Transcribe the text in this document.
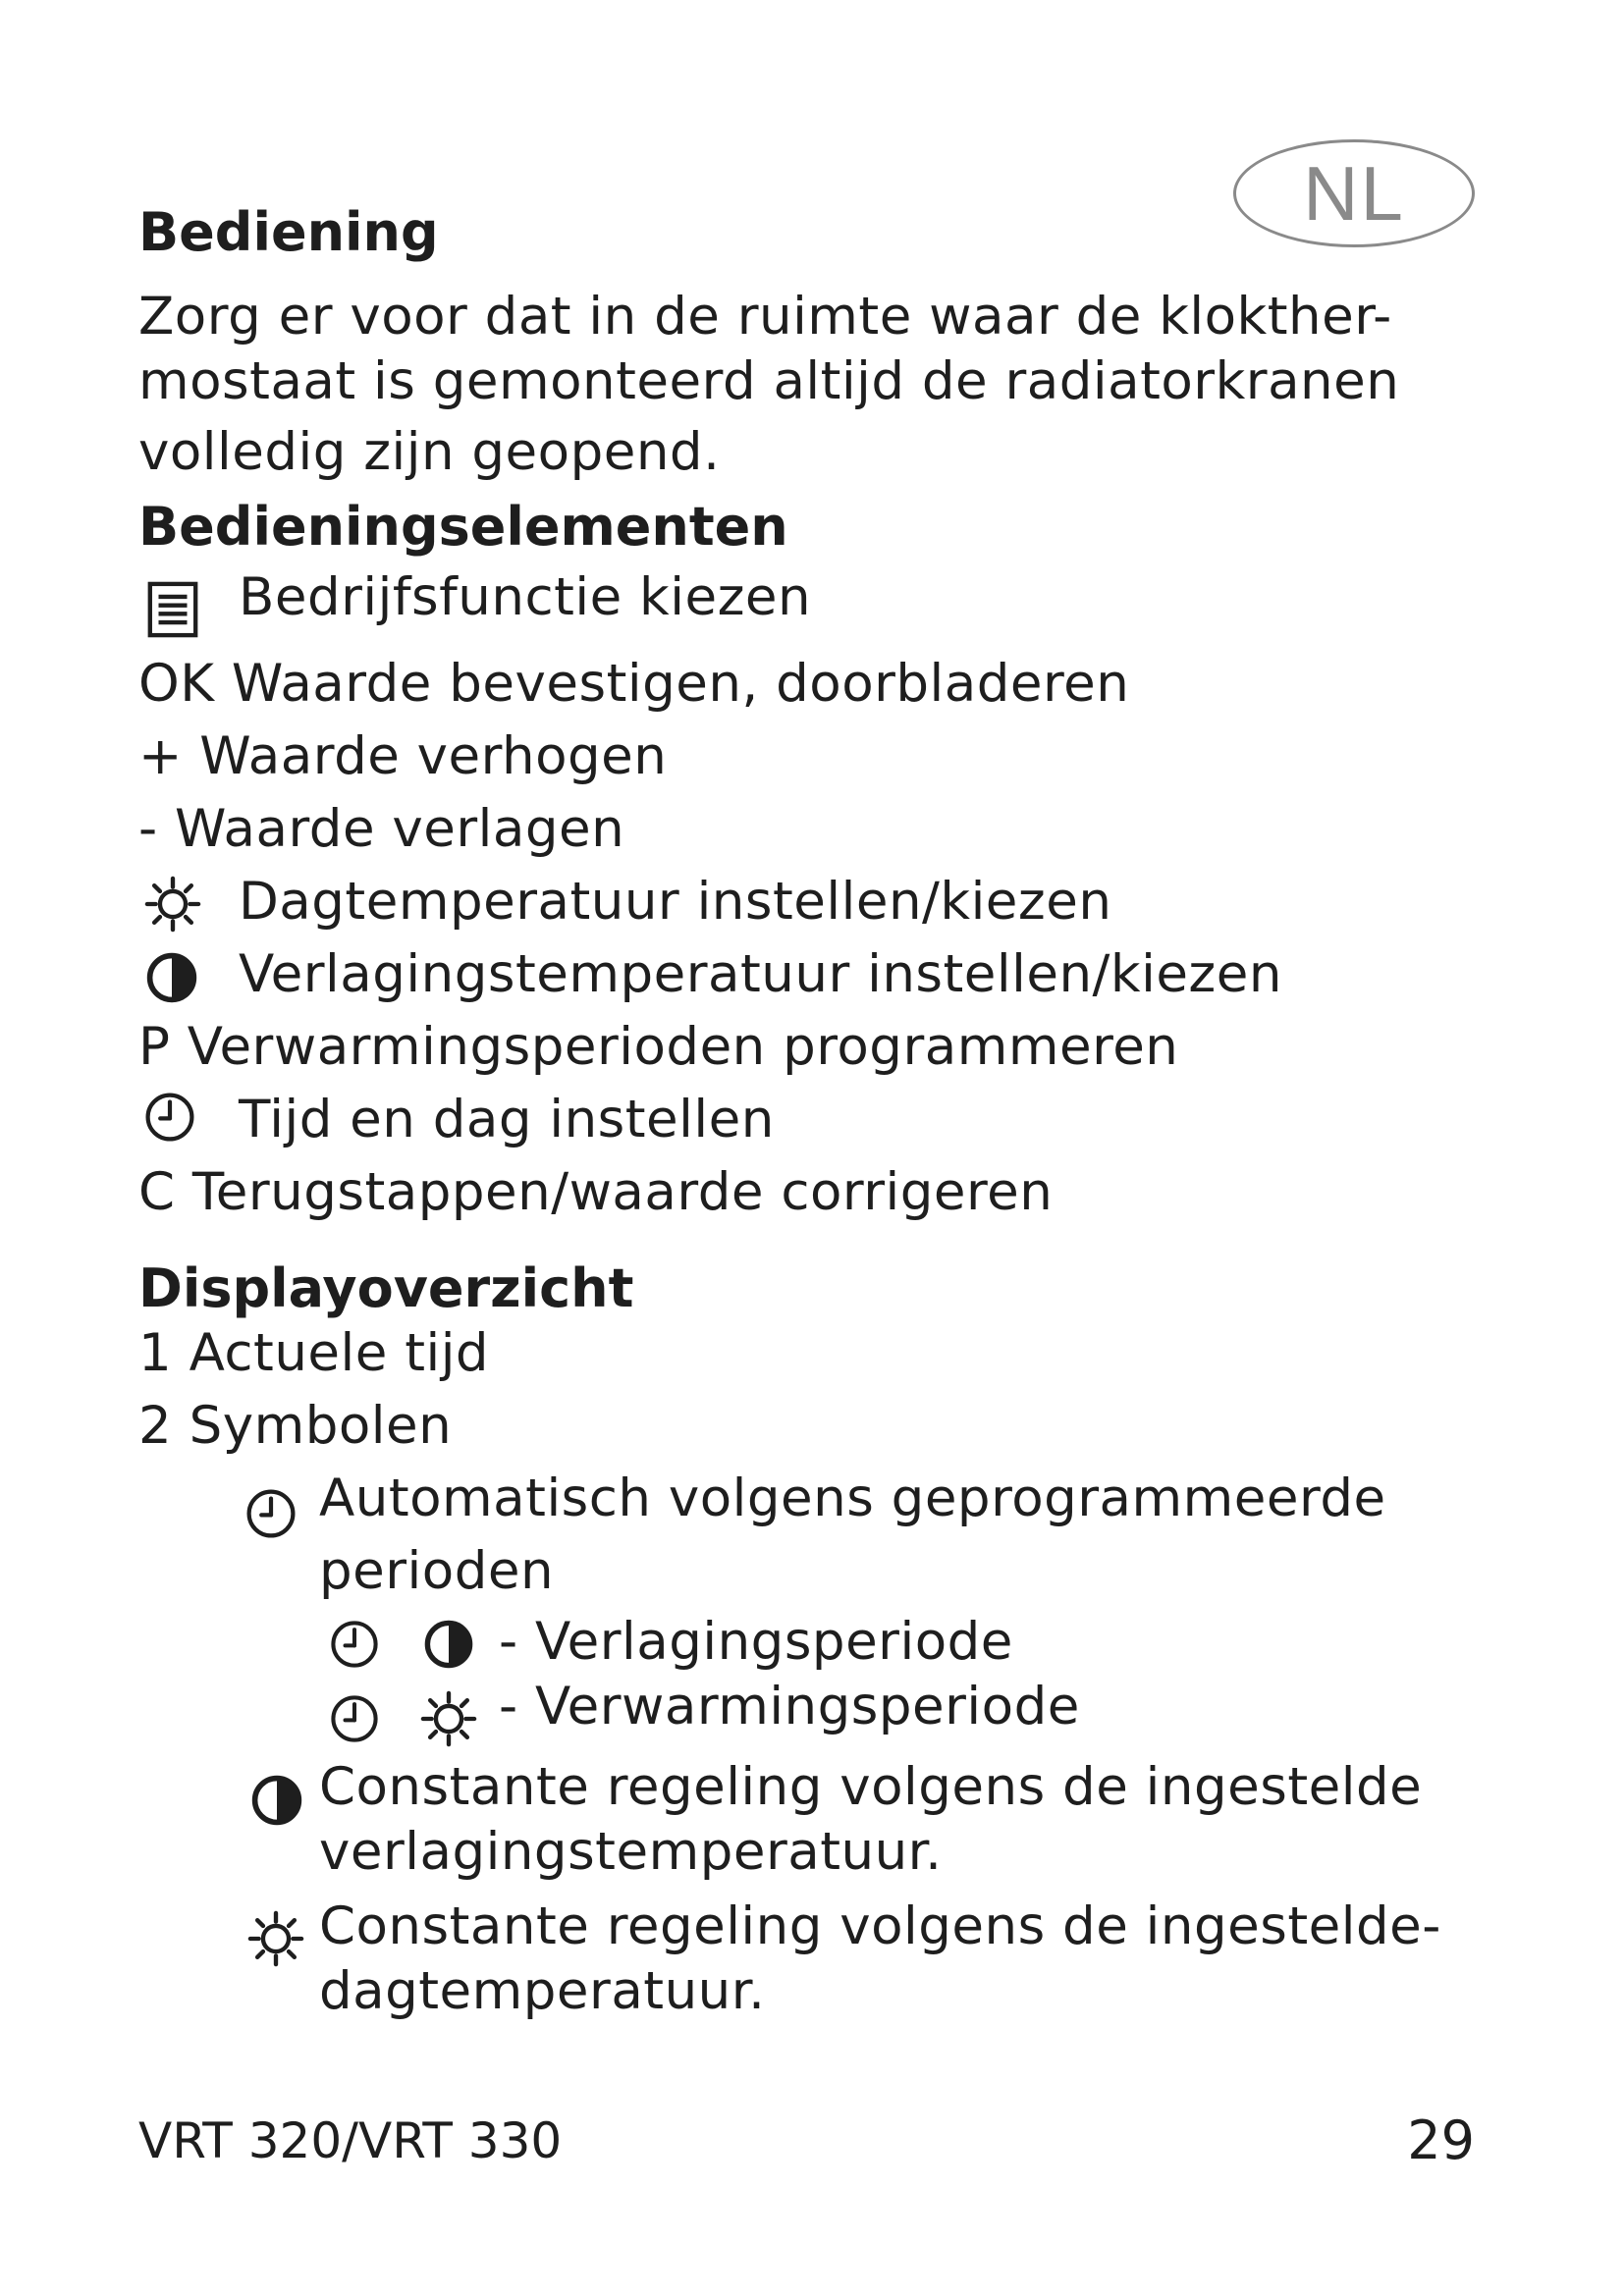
NL
Bediening
Zorg er voor dat in de ruimte waar de klokther-
mostaat is gemonteerd altijd de radiatorkranen
volledig zijn geopend.
Bedieningselementen
Bedrijfsfunctie kiezen
OK Waarde bevestigen, doorbladeren
+ Waarde verhogen
- Waarde verlagen
Dagtemperatuur instellen/kiezen
Verlagingstemperatuur instellen/kiezen
P Verwarmingsperioden programmeren
Tijd en dag instellen
C Terugstappen/waarde corrigeren
Displayoverzicht
1 Actuele tijd
2 Symbolen
Automatisch volgens geprogrammeerde
perioden
- Verlagingsperiode
- Verwarmingsperiode
Constante regeling volgens de ingestelde
verlagingstemperatuur.
Constante regeling volgens de ingestelde-
dagtemperatuur.
VRT 320/VRT 330	29
